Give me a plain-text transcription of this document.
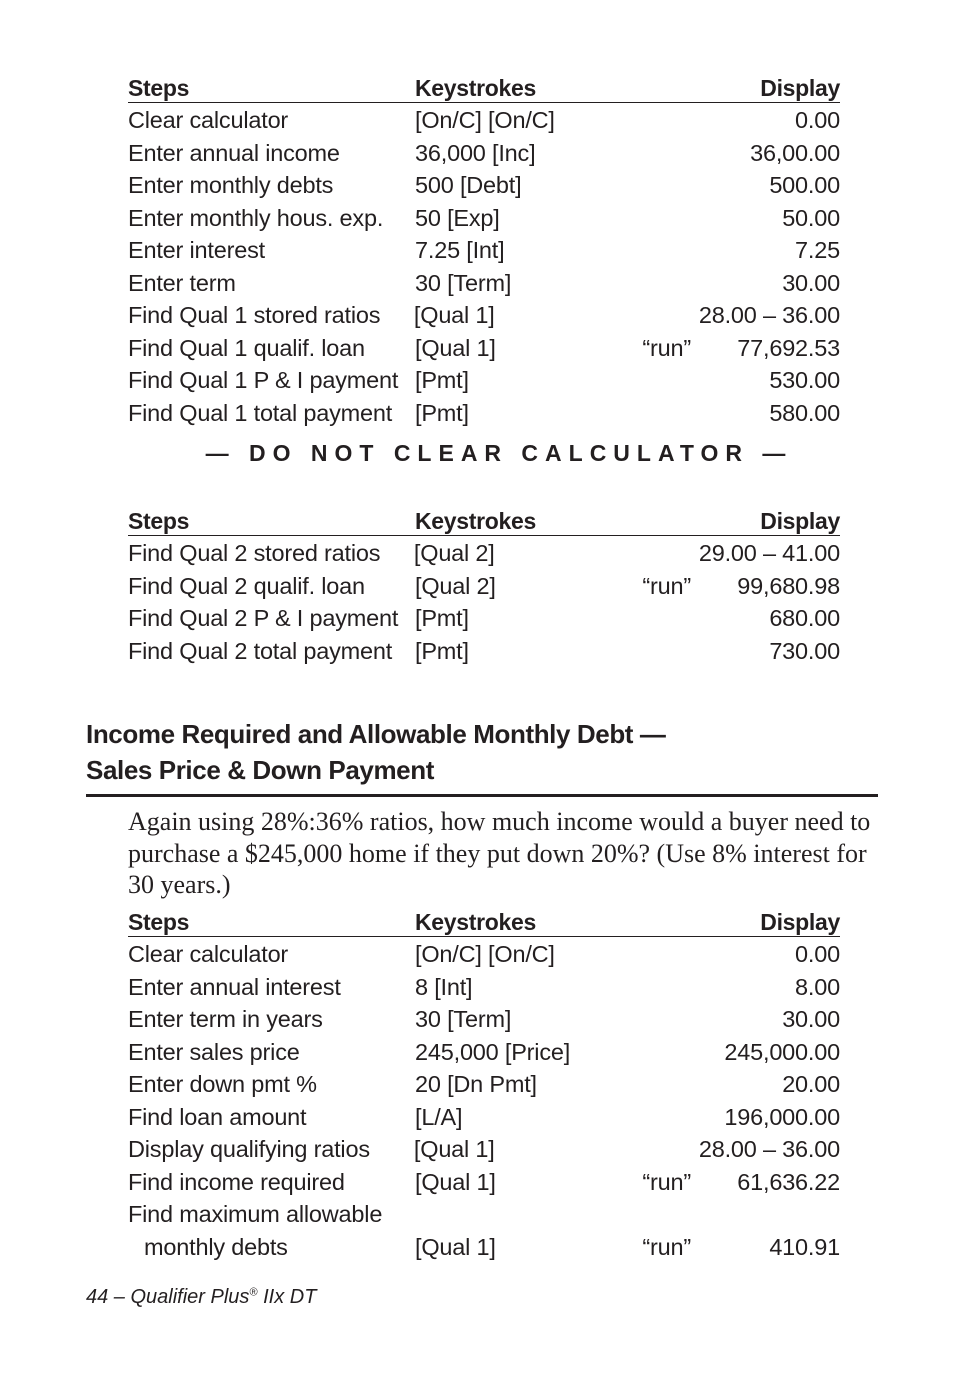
Steps	Keystrokes	Display
Clear calculator	[On/C] [On/C]	0.00
Enter annual income	36,000 [Inc]	36,00.00
Enter monthly debts	500 [Debt]	500.00
Enter monthly hous. exp.	50 [Exp]	50.00
Enter interest	7.25 [Int]	7.25
Enter term	30 [Term]	30.00
Find Qual 1 stored ratios	[Qual 1]	28.00 – 36.00
Find Qual 1 qualif. loan	[Qual 1]	“run”	77,692.53
Find Qual 1 P & I payment [Pmt]	530.00
Find Qual 1 total payment [Pmt]	580.00
— DO NOT CLEAR CALCULATOR —
Steps	Keystrokes	Display
Find Qual 2 stored ratios	[Qual 2]	29.00 – 41.00
Find Qual 2 qualif. loan	[Qual 2]	“run”	99,680.98
Find Qual 2 P & I payment [Pmt]	680.00
Find Qual 2 total payment [Pmt]	730.00
Income Required and Allowable Monthly Debt —
Sales Price & Down Payment
Again using 28%:36% ratios, how much income would a buyer need to purchase a $245,000 home if they put down 20%? (Use 8% interest for 30 years.)
Steps	Keystrokes	Display
Clear calculator	[On/C] [On/C]	0.00
Enter annual interest	8 [Int]	8.00
Enter term in years	30 [Term]	30.00
Enter sales price	245,000 [Price]	245,000.00
Enter down pmt %	20 [Dn Pmt]	20.00
Find loan amount	[L/A]	196,000.00
Display qualifying ratios	[Qual 1]	28.00 – 36.00
Find income required	[Qual 1]	“run”	61,636.22
Find maximum allowable
monthly debts	[Qual 1]	“run”	410.91
44 – Qualifier Plus® IIx DT
